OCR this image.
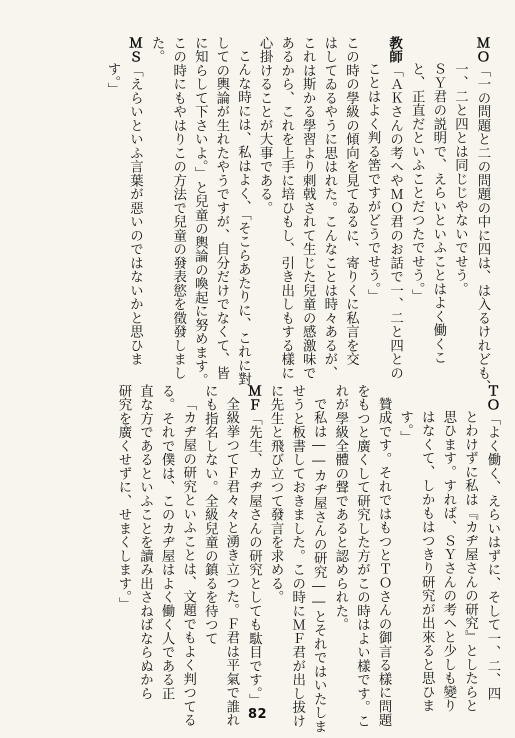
ＭＯ「一の問題と二の問題の中に四は、は入るけれども、

一、二と四とは同じじやないでせう。

ＳＹ君の説明で、えらいといふことはよく働くこ

と、正直だといふことだつたでせう。」

教師「ＡＫさんの考へやＭＯ君のお話で一、二と四との

ことはよく判る筈ですがどうでせう。」

この時の學級の傾向を見てゐるに、寄りくに私言を交

はしてゐるやうに思はれた。こんなことは時々あるが、

これは斯かる學習より刺戟されて生じた兒童の感激味で

あるから、これを上手に培ひもし、引き出しもする樣に

心掛けることが大事である。

こんな時には、私はよく、「そこらあたりに、これに對

しての輿論が生れたやうですが、自分だけでなくて、皆

に知らして下さいよ。」と兒童の輿論の喚起に努めます。

この時にもやはりこの方法で兒童の發表慾を徵發しまし

た。

ＭＳ「えらいといふ言葉が惡いのではないかと思ひま

す。」

ＴＯ「よく働く、えらいはずに、そして一、二、四

とわけずに私は『カヂ屋さんの研究』としたらと

思ひます。すれば、ＳＹさんの考へと少しも變り

はなくて、しかもはつきり研究が出來ると思ひま

す。」

贊成です。それではもつとＴＯさんの御言る樣に問題

をもつと廣くして研究した方がこの時はよい樣です。こ

れが學級全體の聲であると認められた。

で私は――カヂ屋さんの研究――とそれではいたしま

せうと板書しておきました。この時にＭＦ君が出し拔け

に先生と飛び立つて發言を求める。

ＭＦ「先生、カヂ屋さんの研究としても駄目です。」

全級挙つてＦ君々々と湧き立つた。Ｆ君は平氣で誰れ

にも指名しない。全級兒童の鎮るを待つて

「カヂ屋の研究といふことは、文題でもよく判つてる

る。それで僕は、このカヂ屋はよく働く人である正

直な方であるといふことを讀み出さねばならぬから

研究を廣くせずに、せまくします。」

82
